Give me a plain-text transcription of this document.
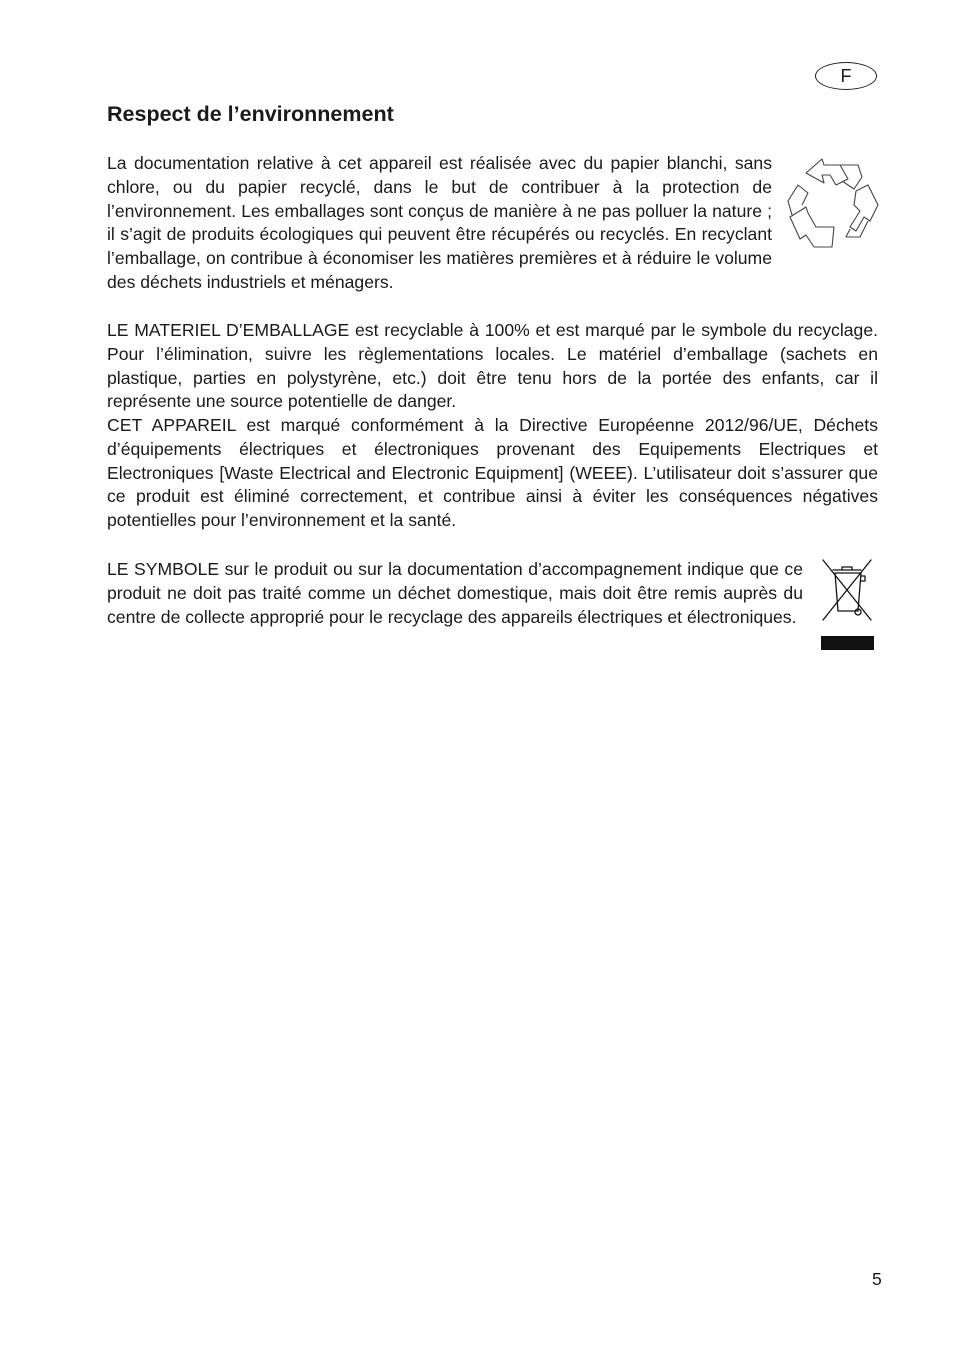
F
Respect de l’environnement

La documentation relative à cet appareil est réalisée avec du papier blanchi, sans chlore, ou du papier recyclé, dans le but de contribuer à la protection de l’environnement. Les emballages sont conçus de manière à ne pas polluer la nature ; il s’agit de produits écologiques qui peuvent être récupérés ou recyclés. En recyclant l’emballage, on contribue à économiser les matières premières et à réduire le volume des déchets industriels et ménagers.

LE MATERIEL D’EMBALLAGE est recyclable à 100% et est marqué par le symbole du recyclage. Pour l’élimination, suivre les règlementations locales. Le matériel d’emballage (sachets en plastique, parties en polystyrène, etc.) doit être tenu hors de la portée des enfants, car il représente une source potentielle de danger.

CET APPAREIL est marqué conformément à la Directive Européenne 2012/96/UE, Déchets d’équipements électriques et électroniques provenant des Equipements Electriques et Electroniques [Waste Electrical and Electronic Equipment] (WEEE). L’utilisateur doit s’assurer que ce produit est éliminé correctement, et contribue ainsi à éviter les conséquences négatives potentielles pour l’environnement et la santé.

LE SYMBOLE sur le produit ou sur la documentation d’accompagnement indique que ce produit ne doit pas traité comme un déchet domestique, mais doit être remis auprès du centre de collecte approprié pour le recyclage des appareils électriques et électroniques.

5
